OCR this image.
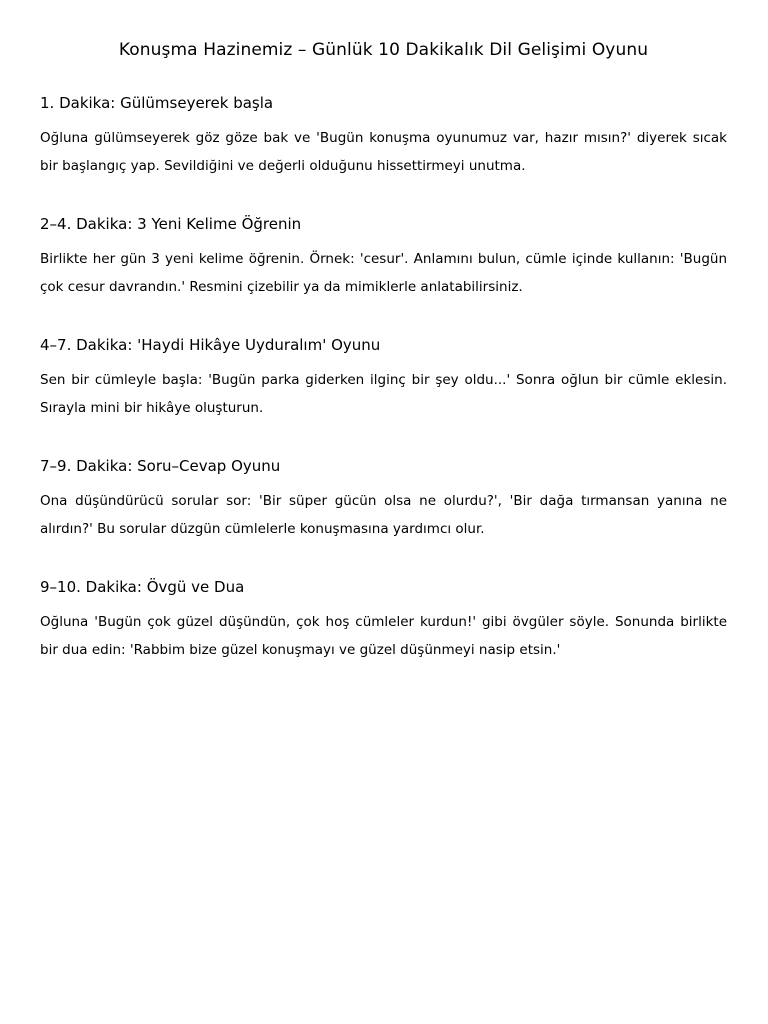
Konuşma Hazinemiz – Günlük 10 Dakikalık Dil Gelişimi Oyunu
1. Dakika: Gülümseyerek başla

Oğluna gülümseyerek göz göze bak ve 'Bugün konuşma oyunumuz var, hazır mısın?' diyerek sıcak bir başlangıç yap. Sevildiğini ve değerli olduğunu hissettirmeyi unutma.

2–4. Dakika: 3 Yeni Kelime Öğrenin

Birlikte her gün 3 yeni kelime öğrenin. Örnek: 'cesur'. Anlamını bulun, cümle içinde kullanın: 'Bugün çok cesur davrandın.' Resmini çizebilir ya da mimiklerle anlatabilirsiniz.

4–7. Dakika: 'Haydi Hikâye Uyduralım' Oyunu

Sen bir cümleyle başla: 'Bugün parka giderken ilginç bir şey oldu...' Sonra oğlun bir cümle eklesin. Sırayla mini bir hikâye oluşturun.

7–9. Dakika: Soru–Cevap Oyunu

Ona düşündürücü sorular sor: 'Bir süper gücün olsa ne olurdu?', 'Bir dağa tırmansan yanına ne alırdın?' Bu sorular düzgün cümlelerle konuşmasına yardımcı olur.

9–10. Dakika: Övgü ve Dua

Oğluna 'Bugün çok güzel düşündün, çok hoş cümleler kurdun!' gibi övgüler söyle. Sonunda birlikte bir dua edin: 'Rabbim bize güzel konuşmayı ve güzel düşünmeyi nasip etsin.'
